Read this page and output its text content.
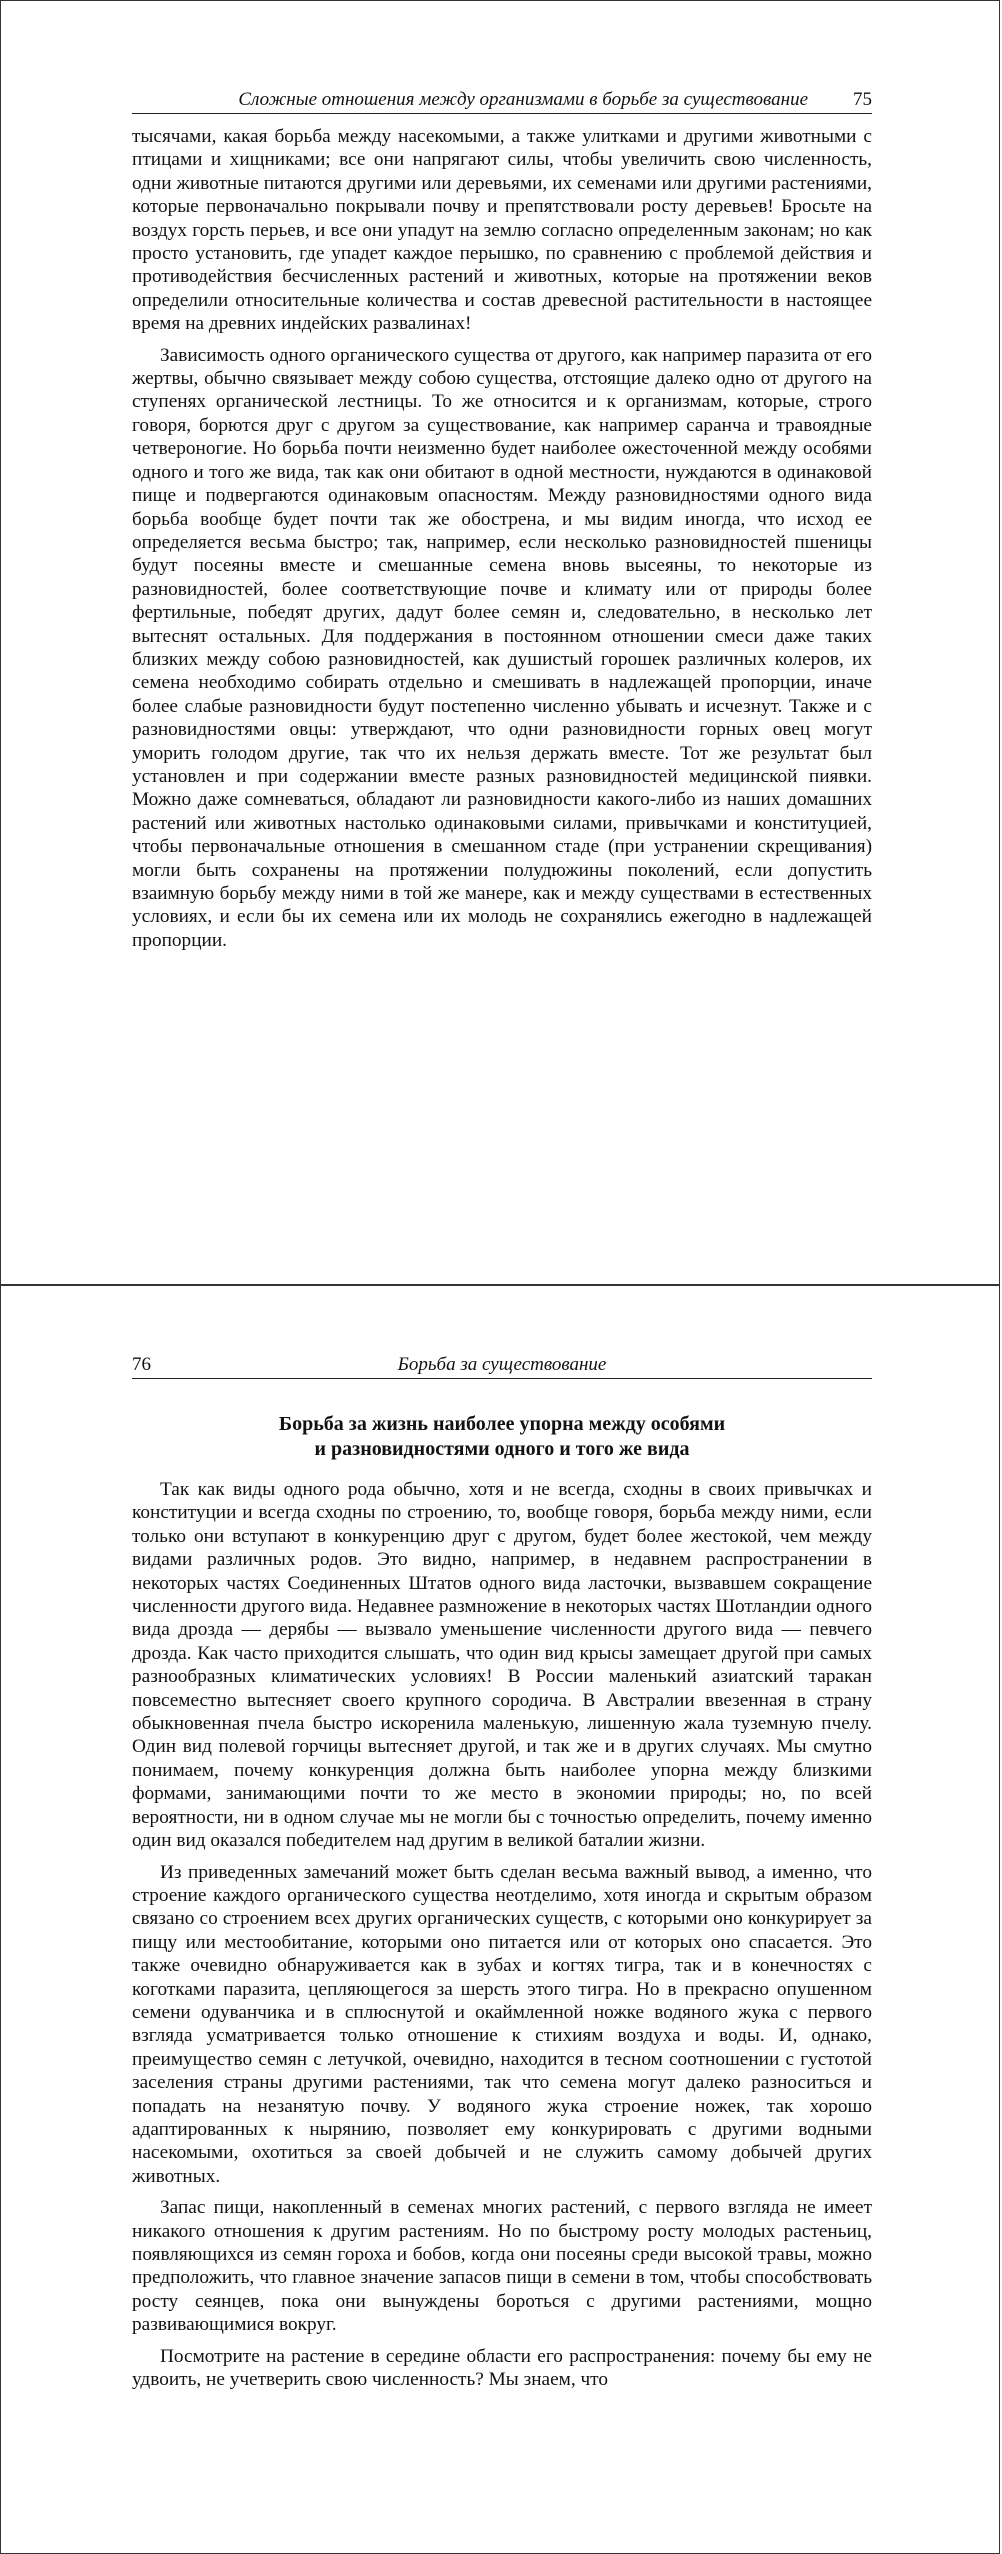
Сложные отношения между организмами в борьбе за существование 75

тысячами, какая борьба между насекомыми, а также улитками и другими животными с птицами и хищниками; все они напрягают силы, чтобы увеличить свою численность, одни животные питаются другими или деревьями, их семенами или другими растениями, которые первоначально покрывали почву и препятствовали росту деревьев! Бросьте на воздух горсть перьев, и все они упадут на землю согласно определенным законам; но как просто установить, где упадет каждое перышко, по сравнению с проблемой действия и противодействия бесчисленных растений и животных, которые на протяжении веков определили относительные количества и состав древесной растительности в настоящее время на древних индейских развалинах!

Зависимость одного органического существа от другого, как например паразита от его жертвы, обычно связывает между собою существа, отстоящие далеко одно от другого на ступенях органической лестницы. То же относится и к организмам, которые, строго говоря, борются друг с другом за существование, как например саранча и травоядные четвероногие. Но борьба почти неизменно будет наиболее ожесточенной между особями одного и того же вида, так как они обитают в одной местности, нуждаются в одинаковой пище и подвергаются одинаковым опасностям. Между разновидностями одного вида борьба вообще будет почти так же обострена, и мы видим иногда, что исход ее определяется весьма быстро; так, например, если несколько разновидностей пшеницы будут посеяны вместе и смешанные семена вновь высеяны, то некоторые из разновидностей, более соответствующие почве и климату или от природы более фертильные, победят других, дадут более семян и, следовательно, в несколько лет вытеснят остальных. Для поддержания в постоянном отношении смеси даже таких близких между собою разновидностей, как душистый горошек различных колеров, их семена необходимо собирать отдельно и смешивать в надлежащей пропорции, иначе более слабые разновидности будут постепенно численно убывать и исчезнут. Также и с разновидностями овцы: утверждают, что одни разновидности горных овец могут уморить голодом другие, так что их нельзя держать вместе. Тот же результат был установлен и при содержании вместе разных разновидностей медицинской пиявки. Можно даже сомневаться, обладают ли разновидности какого-либо из наших домашних растений или животных настолько одинаковыми силами, привычками и конституцией, чтобы первоначальные отношения в смешанном стаде (при устранении скрещивания) могли быть сохранены на протяжении полудюжины поколений, если допустить взаимную борьбу между ними в той же манере, как и между существами в естественных условиях, и если бы их семена или их молодь не сохранялись ежегодно в надлежащей пропорции.

76	Борьба за существование
Борьба за жизнь наиболее упорна между особями
и разновидностями одного и того же вида

Так как виды одного рода обычно, хотя и не всегда, сходны в своих привычках и конституции и всегда сходны по строению, то, вообще говоря, борьба между ними, если только они вступают в конкуренцию друг с другом, будет более жестокой, чем между видами различных родов. Это видно, например, в недавнем распространении в некоторых частях Соединенных Штатов одного вида ласточки, вызвавшем сокращение численности другого вида. Недавнее размножение в некоторых частях Шотландии одного вида дрозда — дерябы — вызвало уменьшение численности другого вида — певчего дрозда. Как часто приходится слышать, что один вид крысы замещает другой при самых разнообразных климатических условиях! В России маленький азиатский таракан повсеместно вытесняет своего крупного сородича. В Австралии ввезенная в страну обыкновенная пчела быстро искоренила маленькую, лишенную жала туземную пчелу. Один вид полевой горчицы вытесняет другой, и так же и в других случаях. Мы смутно понимаем, почему конкуренция должна быть наиболее упорна между близкими формами, занимающими почти то же место в экономии природы; но, по всей вероятности, ни в одном случае мы не могли бы с точностью определить, почему именно один вид оказался победителем над другим в великой баталии жизни.

Из приведенных замечаний может быть сделан весьма важный вывод, а именно, что строение каждого органического существа неотделимо, хотя иногда и скрытым образом связано со строением всех других органических существ, с которыми оно конкурирует за пищу или местообитание, которыми оно питается или от которых оно спасается. Это также очевидно обнаруживается как в зубах и когтях тигра, так и в конечностях с коготками паразита, цепляющегося за шерсть этого тигра. Но в прекрасно опушенном семени одуванчика и в сплюснутой и окаймленной ножке водяного жука с первого взгляда усматривается только отношение к стихиям воздуха и воды. И, однако, преимущество семян с летучкой, очевидно, находится в тесном соотношении с густотой заселения страны другими растениями, так что семена могут далеко разноситься и попадать на незанятую почву. У водяного жука строение ножек, так хорошо адаптированных к нырянию, позволяет ему конкурировать с другими водными насекомыми, охотиться за своей добычей и не служить самому добычей других животных.

Запас пищи, накопленный в семенах многих растений, с первого взгляда не имеет никакого отношения к другим растениям. Но по быстрому росту молодых растеньиц, появляющихся из семян гороха и бобов, когда они посеяны среди высокой травы, можно предположить, что главное значение запасов пищи в семени в том, чтобы способствовать росту сеянцев, пока они вынуждены бороться с другими растениями, мощно развивающимися вокруг.

Посмотрите на растение в середине области его распространения: почему бы ему не удвоить, не учетверить свою численность? Мы знаем, что
